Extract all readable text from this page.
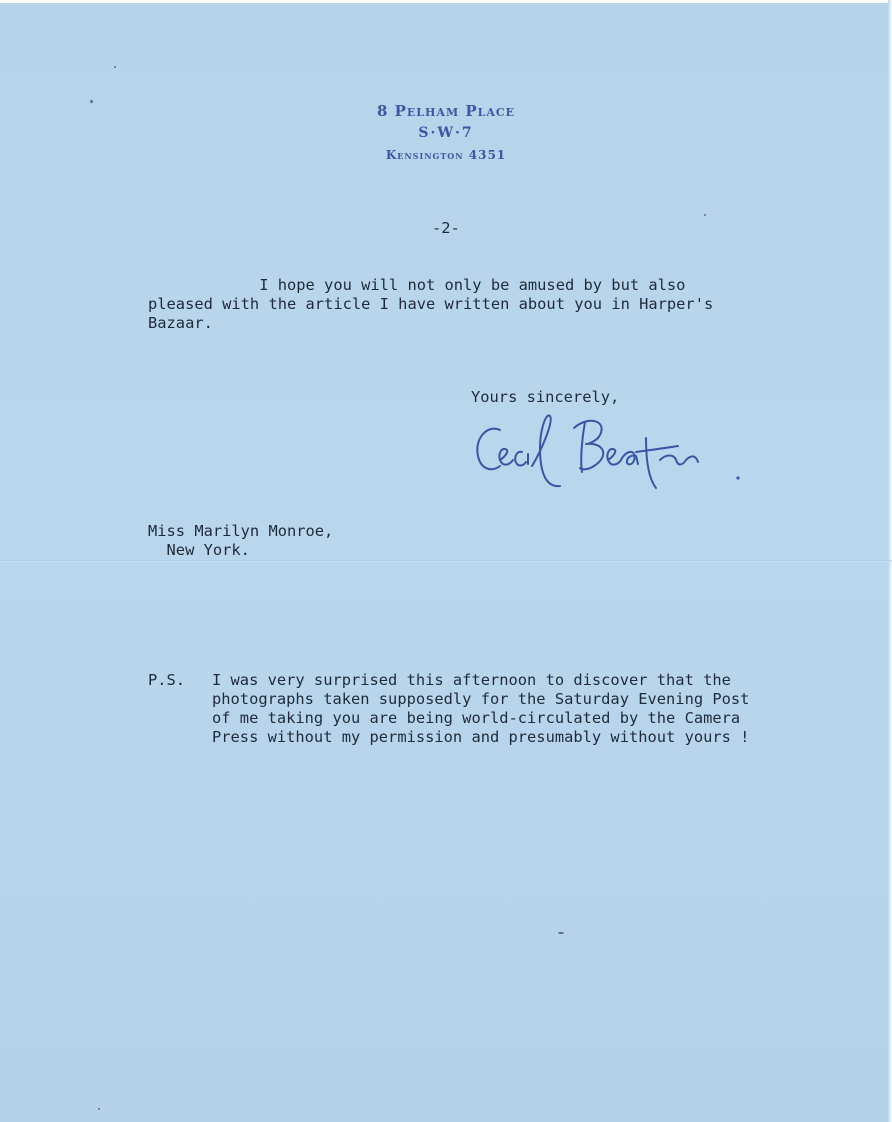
8 Pelham Place
S·W·7
Kensington 4351
-2-
I hope you will not only be amused by but also
pleased with the article I have written about you in Harper's
Bazaar.
Yours sincerely,
Miss Marilyn Monroe,
New York.
P.S. I was very surprised this afternoon to discover that the
photographs taken supposedly for the Saturday Evening Post
of me taking you are being world-circulated by the Camera
Press without my permission and presumably without yours !
